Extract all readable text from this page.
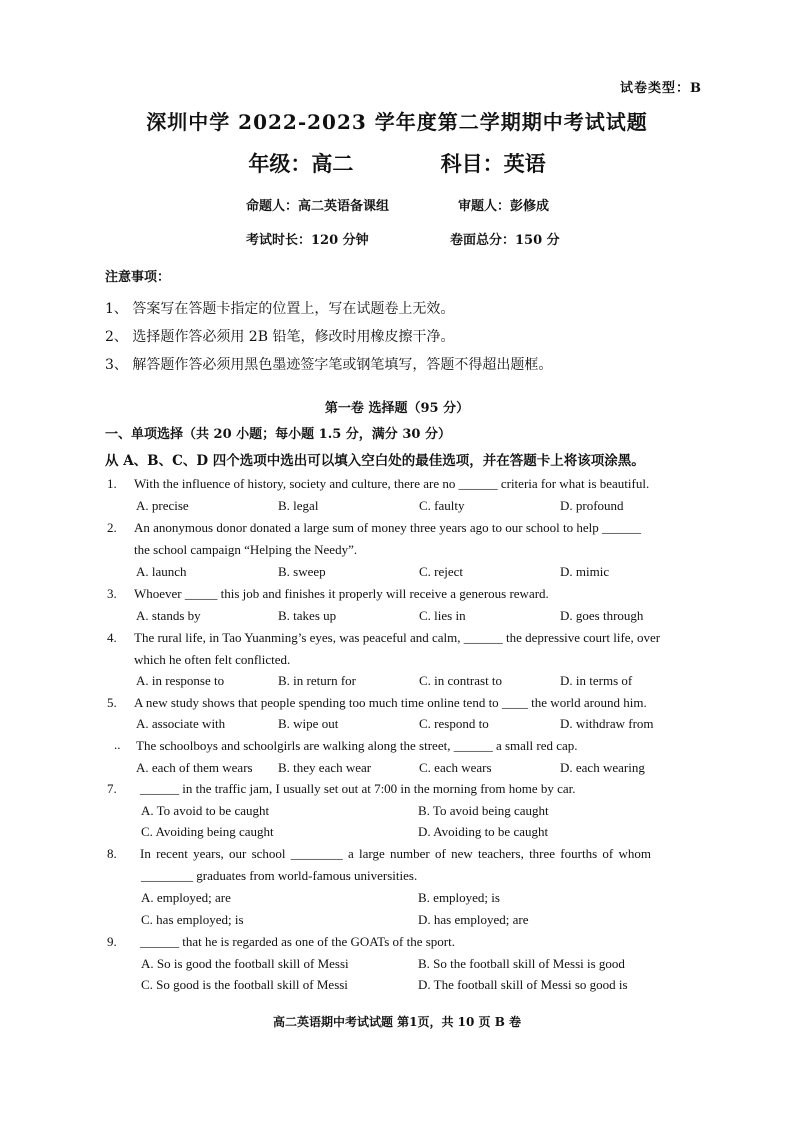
试卷类型：B
深圳中学 2022-2023 学年度第二学期期中考试试题
年级：高二	科目：英语
命题人：高二英语备课组	审题人：彭修成
考试时长：120 分钟	卷面总分：150 分
注意事项：
1、 答案写在答题卡指定的位置上，写在试题卷上无效。
2、 选择题作答必须用 2B 铅笔，修改时用橡皮擦干净。
3、 解答题作答必须用黑色墨迹签字笔或钢笔填写，答题不得超出题框。
第一卷 选择题（95 分）
一、单项选择（共 20 小题；每小题 1.5 分，满分 30 分）
从 A、B、C、D 四个选项中选出可以填入空白处的最佳选项，并在答题卡上将该项涂黑。
1. With the influence of history, society and culture, there are no ______ criteria for what is beautiful.
A. precise	B. legal	C. faulty	D. profound
2. An anonymous donor donated a large sum of money three years ago to our school to help ______
the school campaign “Helping the Needy”.
A. launch	B. sweep	C. reject	D. mimic
3. Whoever _____ this job and finishes it properly will receive a generous reward.
A. stands by	B. takes up	C. lies in	D. goes through
4. The rural life, in Tao Yuanming’s eyes, was peaceful and calm, ______ the depressive court life, over
which he often felt conflicted.
A. in response to	B. in return for	C. in contrast to	D. in terms of
5. A new study shows that people spending too much time online tend to ____ the world around him.
A. associate with	B. wipe out	C. respond to	D. withdraw from
.. The schoolboys and schoolgirls are walking along the street, ______ a small red cap.
A. each of them wears B. they each wear	C. each wears	D. each wearing
7. ______ in the traffic jam, I usually set out at 7:00 in the morning from home by car.
A. To avoid to be caught	B. To avoid being caught
C. Avoiding being caught	D. Avoiding to be caught
8. In recent years, our school ________ a large number of new teachers, three fourths of whom
________ graduates from world-famous universities.
A. employed; are	B. employed; is
C. has employed; is	D. has employed; are
9. ______ that he is regarded as one of the GOATs of the sport.
A. So is good the football skill of Messi	B. So the football skill of Messi is good
C. So good is the football skill of Messi	D. The football skill of Messi so good is
高二英语期中考试试题 第1页，共 10 页 B 卷
